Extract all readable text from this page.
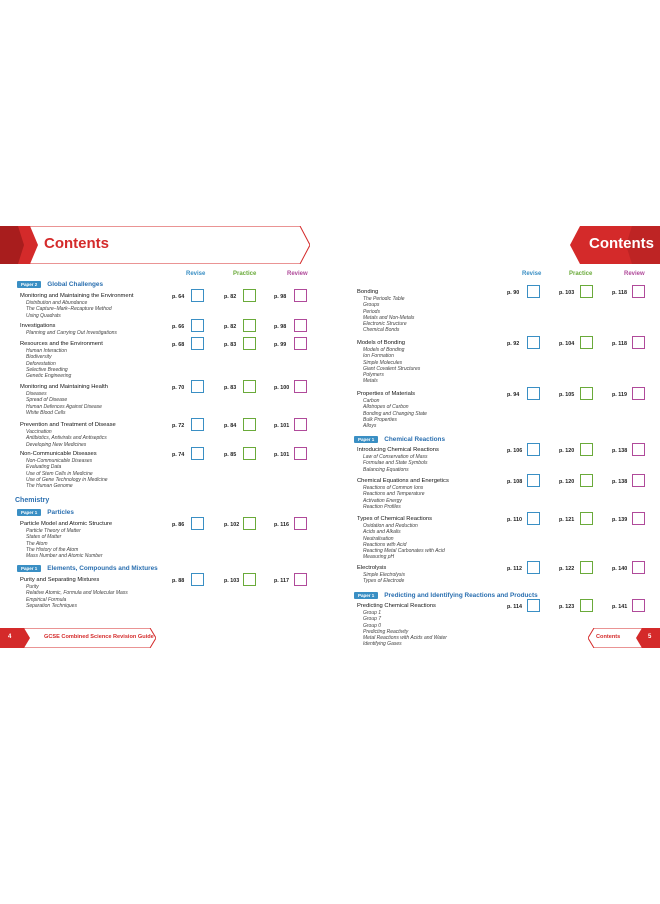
Contents
Revise	Practice	Review
Paper 2	Global Challenges
Chemistry
Paper 1	Particles
Paper 1	Elements, Compounds and Mixtures
Monitoring and Maintaining the Environment
Distribution and Abundance
The Capture–Mark–Recapture Method
Using Quadrats
p. 64	p. 82	p. 98
Investigations
Planning and Carrying Out Investigations
p. 66	p. 82	p. 98
Resources and the Environment
Human Interaction
Biodiversity
Deforestation
Selective Breeding
Genetic Engineering
p. 68	p. 83	p. 99
Monitoring and Maintaining Health
Diseases
Spread of Disease
Human Defences Against Disease
White Blood Cells
p. 70	p. 83	p. 100
Prevention and Treatment of Disease
Vaccination
Antibiotics, Antivirals and Antiseptics
Developing New Medicines
p. 72	p. 84	p. 101
Non-Communicable Diseases
Non-Communicable Diseases
Evaluating Data
Use of Stem Cells in Medicine
Use of Gene Technology in Medicine
The Human Genome
p. 74	p. 85	p. 101
Particle Model and Atomic Structure
Particle Theory of Matter
States of Matter
The Atom
The History of the Atom
Mass Number and Atomic Number
p. 86	p. 102	p. 116
Purity and Separating Mixtures
Purity
Relative Atomic, Formula and Molecular Mass
Empirical Formula
Separation Techniques
p. 88	p. 103	p. 117
4	GCSE Combined Science Revision Guide
Contents
Revise	Practice	Review
Paper 1	Chemical Reactions
Paper 1	Predicting and Identifying Reactions and Products
Bonding
The Periodic Table
Groups
Periods
Metals and Non-Metals
Electronic Structure
Chemical Bonds
p. 90	p. 103	p. 118
Models of Bonding
Models of Bonding
Ion Formation
Simple Molecules
Giant Covalent Structures
Polymers
Metals
p. 92	p. 104	p. 118
Properties of Materials
Carbon
Allotropes of Carbon
Bonding and Changing State
Bulk Properties
Alloys
p. 94	p. 105	p. 119
Introducing Chemical Reactions
Law of Conservation of Mass
Formulae and State Symbols
Balancing Equations
p. 106	p. 120	p. 138
Chemical Equations and Energetics
Reactions of Common Ions
Reactions and Temperature
Activation Energy
Reaction Profiles
p. 108	p. 120	p. 138
Types of Chemical Reactions
Oxidation and Reduction
Acids and Alkalis
Neutralisation
Reactions with Acid
Reacting Metal Carbonates with Acid
Measuring pH
p. 110	p. 121	p. 139
Electrolysis
Simple Electrolysis
Types of Electrode
p. 112	p. 122	p. 140
Predicting Chemical Reactions
Group 1
Group 7
Group 0
Predicting Reactivity
Metal Reactions with Acids and Water
Identifying Gases
p. 114	p. 123	p. 141
Contents	5
